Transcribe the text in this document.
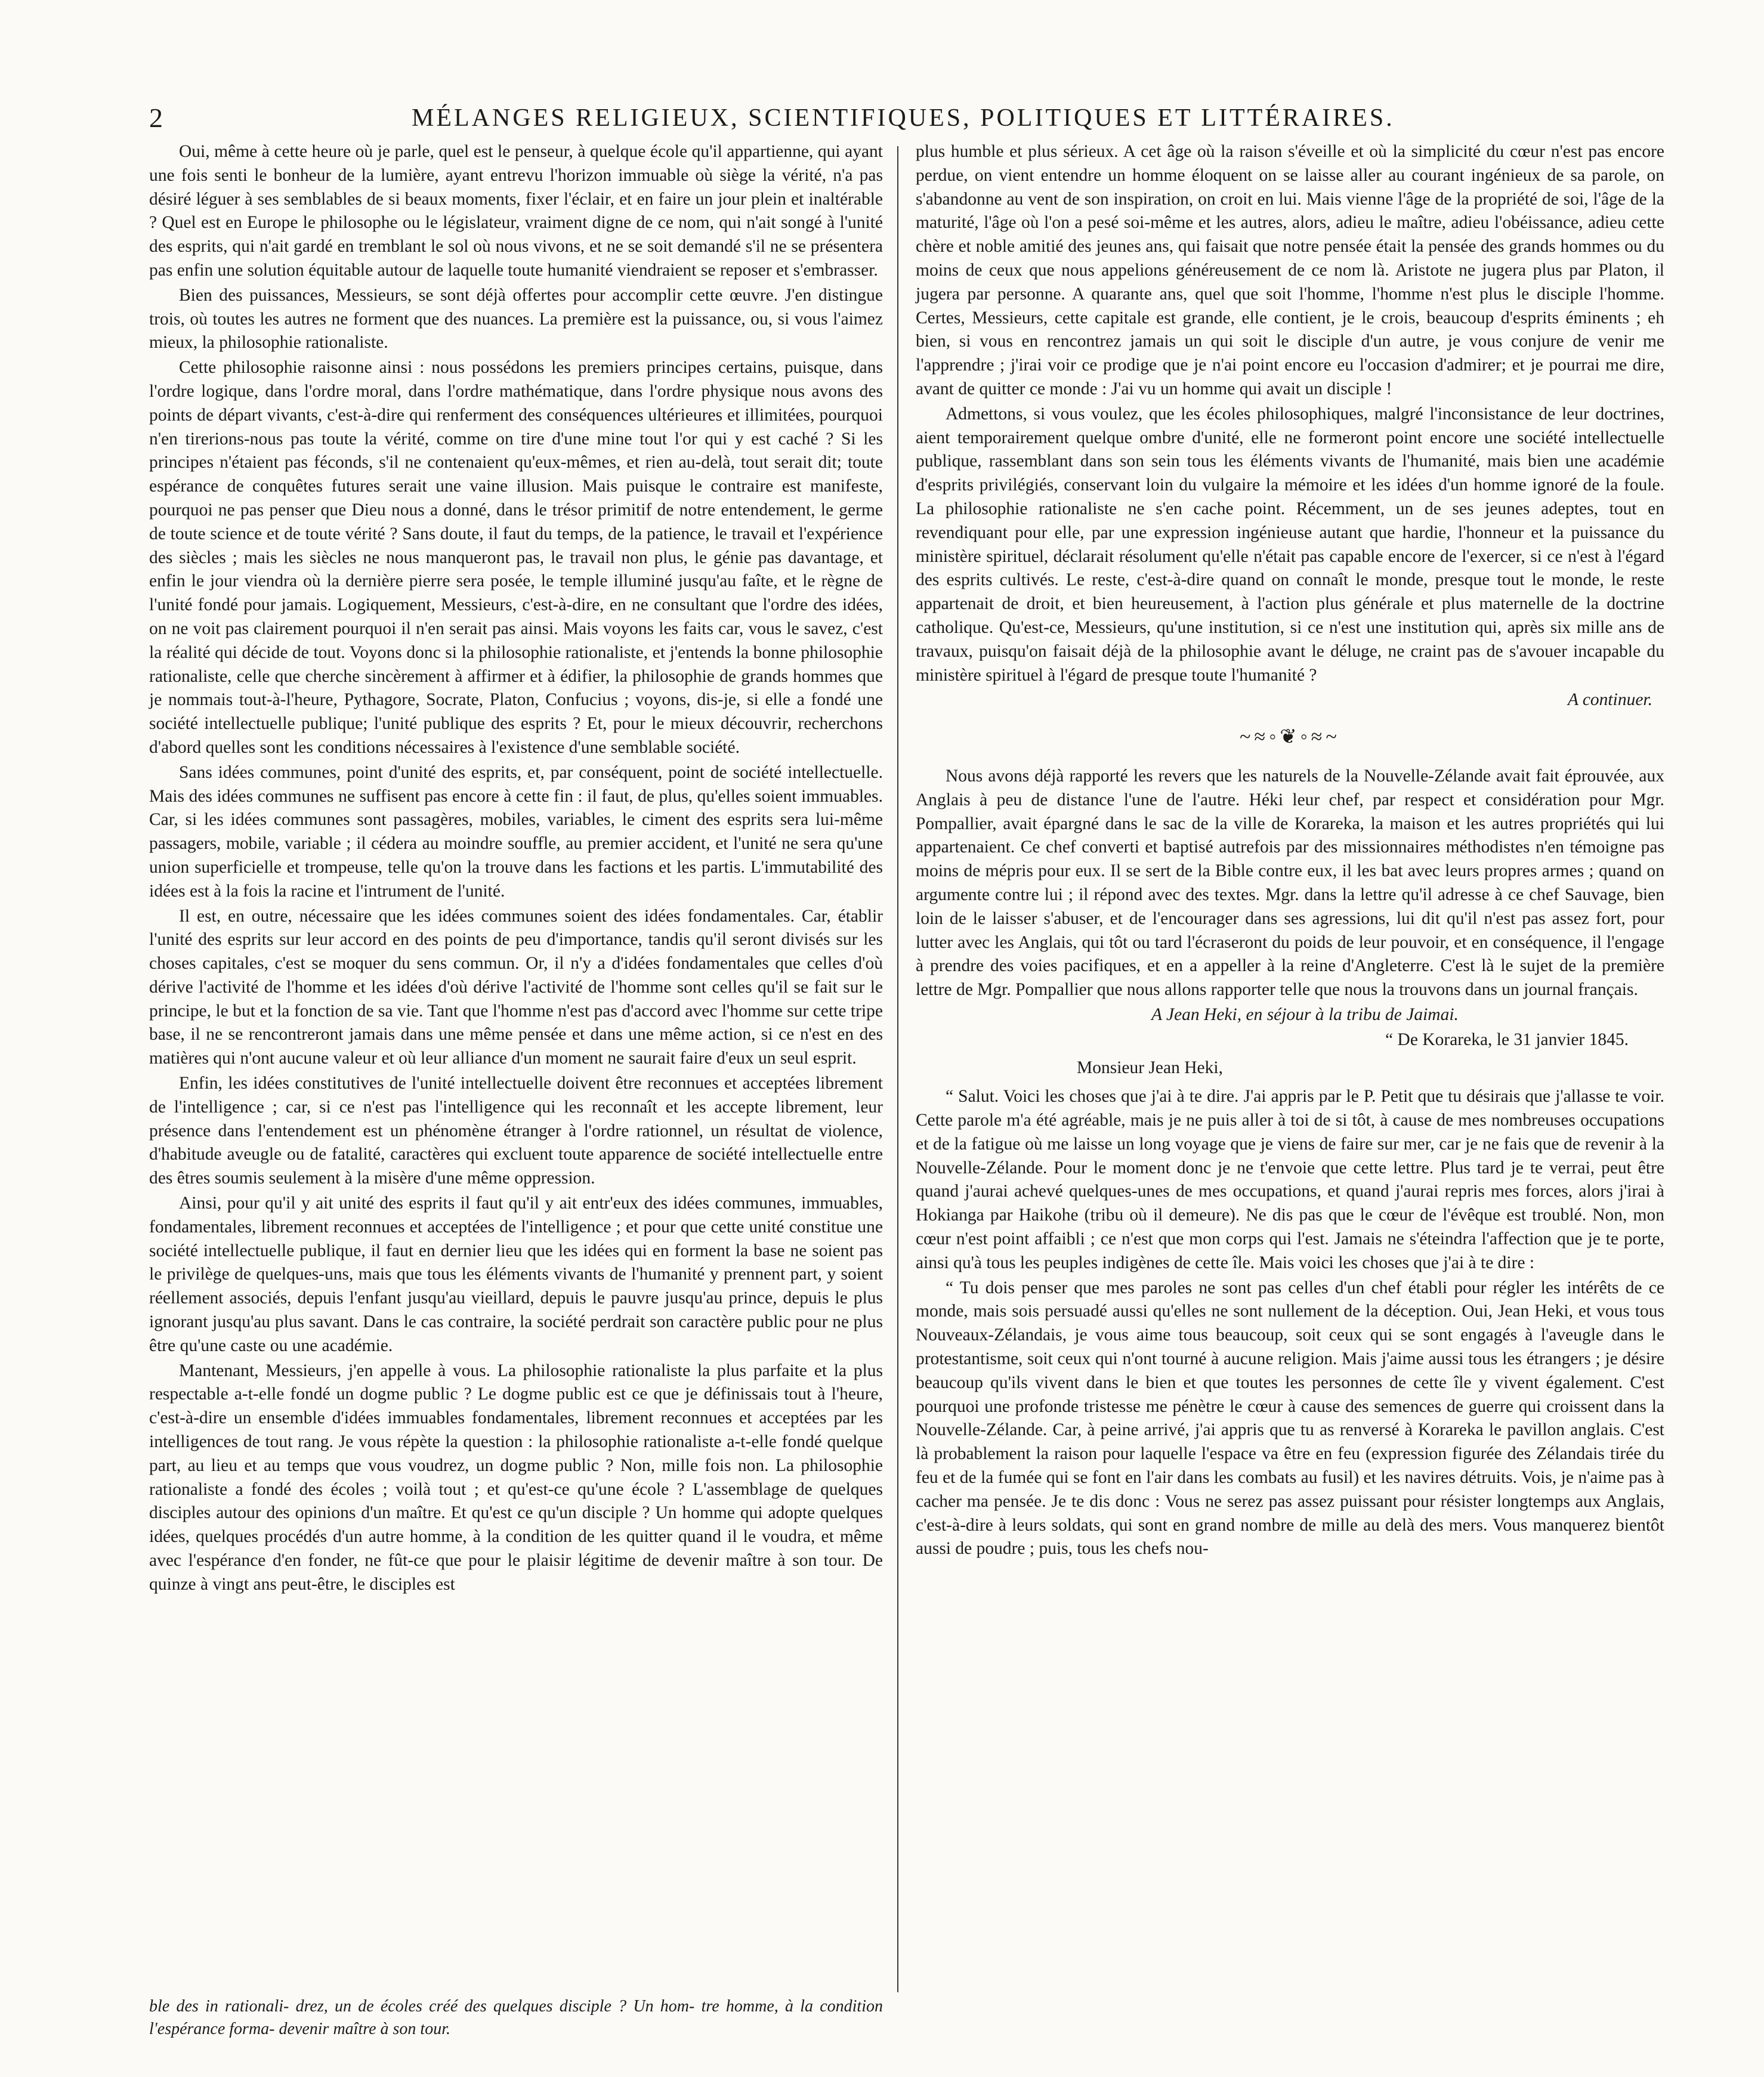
2	MÉLANGES RELIGIEUX, SCIENTIFIQUES, POLITIQUES ET LITTÉRAIRES.

Oui, même à cette heure où je parle, quel est le penseur, à quelque école qu'il appartienne, qui ayant une fois senti le bonheur de la lumière, ayant entrevu l'horizon immuable où siège la vérité, n'a pas désiré léguer à ses semblables de si beaux moments, fixer l'éclair, et en faire un jour plein et inaltérable ? Quel est en Europe le philosophe ou le législateur, vraiment digne de ce nom, qui n'ait songé à l'unité des esprits, qui n'ait gardé en tremblant le sol où nous vivons, et ne se soit demandé s'il ne se présentera pas enfin une solution équitable autour de laquelle toute humanité viendraient se reposer et s'embrasser.

Bien des puissances, Messieurs, se sont déjà offertes pour accomplir cette œuvre. J'en distingue trois, où toutes les autres ne forment que des nuances. La première est la puissance, ou, si vous l'aimez mieux, la philosophie rationaliste.

Cette philosophie raisonne ainsi : nous possédons les premiers principes certains, puisque, dans l'ordre logique, dans l'ordre moral, dans l'ordre mathématique, dans l'ordre physique nous avons des points de départ vivants, c'est-à-dire qui renferment des conséquences ultérieures et illimitées, pourquoi n'en tirerions-nous pas toute la vérité, comme on tire d'une mine tout l'or qui y est caché ? Si les principes n'étaient pas féconds, s'il ne contenaient qu'eux-mêmes, et rien au-delà, tout serait dit; toute espérance de conquêtes futures serait une vaine illusion. Mais puisque le contraire est manifeste, pourquoi ne pas penser que Dieu nous a donné, dans le trésor primitif de notre entendement, le germe de toute science et de toute vérité ? Sans doute, il faut du temps, de la patience, le travail et l'expérience des siècles ; mais les siècles ne nous manqueront pas, le travail non plus, le génie pas davantage, et enfin le jour viendra où la dernière pierre sera posée, le temple illuminé jusqu'au faîte, et le règne de l'unité fondé pour jamais. Logiquement, Messieurs, c'est-à-dire, en ne consultant que l'ordre des idées, on ne voit pas clairement pourquoi il n'en serait pas ainsi. Mais voyons les faits car, vous le savez, c'est la réalité qui décide de tout. Voyons donc si la philosophie rationaliste, et j'entends la bonne philosophie rationaliste, celle que cherche sincèrement à affirmer et à édifier, la philosophie de grands hommes que je nommais tout-à-l'heure, Pythagore, Socrate, Platon, Confucius ; voyons, dis-je, si elle a fondé une société intellectuelle publique; l'unité publique des esprits ? Et, pour le mieux découvrir, recherchons d'abord quelles sont les conditions nécessaires à l'existence d'une semblable société.

Sans idées communes, point d'unité des esprits, et, par conséquent, point de société intellectuelle. Mais des idées communes ne suffisent pas encore à cette fin : il faut, de plus, qu'elles soient immuables. Car, si les idées communes sont passagères, mobiles, variables, le ciment des esprits sera lui-même passagers, mobile, variable ; il cédera au moindre souffle, au premier accident, et l'unité ne sera qu'une union superficielle et trompeuse, telle qu'on la trouve dans les factions et les partis. L'immutabilité des idées est à la fois la racine et l'intrument de l'unité.

Il est, en outre, nécessaire que les idées communes soient des idées fondamentales. Car, établir l'unité des esprits sur leur accord en des points de peu d'importance, tandis qu'il seront divisés sur les choses capitales, c'est se moquer du sens commun. Or, il n'y a d'idées fondamentales que celles d'où dérive l'activité de l'homme et les idées d'où dérive l'activité de l'homme sont celles qu'il se fait sur le principe, le but et la fonction de sa vie. Tant que l'homme n'est pas d'accord avec l'homme sur cette tripe base, il ne se rencontreront jamais dans une même pensée et dans une même action, si ce n'est en des matières qui n'ont aucune valeur et où leur alliance d'un moment ne saurait faire d'eux un seul esprit.

Enfin, les idées constitutives de l'unité intellectuelle doivent être reconnues et acceptées librement de l'intelligence ; car, si ce n'est pas l'intelligence qui les reconnaît et les accepte librement, leur présence dans l'entendement est un phénomène étranger à l'ordre rationnel, un résultat de violence, d'habitude aveugle ou de fatalité, caractères qui excluent toute apparence de société intellectuelle entre des êtres soumis seulement à la misère d'une même oppression.

Ainsi, pour qu'il y ait unité des esprits il faut qu'il y ait entr'eux des idées communes, immuables, fondamentales, librement reconnues et acceptées de l'intelligence ; et pour que cette unité constitue une société intellectuelle publique, il faut en dernier lieu que les idées qui en forment la base ne soient pas le privilège de quelques-uns, mais que tous les éléments vivants de l'humanité y prennent part, y soient réellement associés, depuis l'enfant jusqu'au vieillard, depuis le pauvre jusqu'au prince, depuis le plus ignorant jusqu'au plus savant. Dans le cas contraire, la société perdrait son caractère public pour ne plus être qu'une caste ou une académie.

Mantenant, Messieurs, j'en appelle à vous. La philosophie rationaliste la plus parfaite et la plus respectable a-t-elle fondé un dogme public ? Le dogme public est ce que je définissais tout à l'heure, c'est-à-dire un ensemble d'idées immuables fondamentales, librement reconnues et acceptées par les intelligences de tout rang. Je vous répète la question : la philosophie rationaliste a-t-elle fondé quelque part, au lieu et au temps que vous voudrez, un dogme public ? Non, mille fois non. La philosophie rationaliste a fondé des écoles ; voilà tout ; et qu'est-ce qu'une école ? L'assemblage de quelques disciples autour des opinions d'un maître. Et qu'est ce qu'un disciple ? Un homme qui adopte quelques idées, quelques procédés d'un autre homme, à la condition de les quitter quand il le voudra, et même avec l'espérance d'en fonder, ne fût-ce que pour le plaisir légitime de devenir maître à son tour. De quinze à vingt ans peut-être, le disciples est

plus humble et plus sérieux. A cet âge où la raison s'éveille et où la simplicité du cœur n'est pas encore perdue, on vient entendre un homme éloquent on se laisse aller au courant ingénieux de sa parole, on s'abandonne au vent de son inspiration, on croit en lui. Mais vienne l'âge de la propriété de soi, l'âge de la maturité, l'âge où l'on a pesé soi-même et les autres, alors, adieu le maître, adieu l'obéissance, adieu cette chère et noble amitié des jeunes ans, qui faisait que notre pensée était la pensée des grands hommes ou du moins de ceux que nous appelions généreusement de ce nom là. Aristote ne jugera plus par Platon, il jugera par personne. A quarante ans, quel que soit l'homme, l'homme n'est plus le disciple l'homme. Certes, Messieurs, cette capitale est grande, elle contient, je le crois, beaucoup d'esprits éminents ; eh bien, si vous en rencontrez jamais un qui soit le disciple d'un autre, je vous conjure de venir me l'apprendre ; j'irai voir ce prodige que je n'ai point encore eu l'occasion d'admirer; et je pourrai me dire, avant de quitter ce monde : J'ai vu un homme qui avait un disciple !

Admettons, si vous voulez, que les écoles philosophiques, malgré l'inconsistance de leur doctrines, aient temporairement quelque ombre d'unité, elle ne formeront point encore une société intellectuelle publique, rassemblant dans son sein tous les éléments vivants de l'humanité, mais bien une académie d'esprits privilégiés, conservant loin du vulgaire la mémoire et les idées d'un homme ignoré de la foule. La philosophie rationaliste ne s'en cache point. Récemment, un de ses jeunes adeptes, tout en revendiquant pour elle, par une expression ingénieuse autant que hardie, l'honneur et la puissance du ministère spirituel, déclarait résolument qu'elle n'était pas capable encore de l'exercer, si ce n'est à l'égard des esprits cultivés. Le reste, c'est-à-dire quand on connaît le monde, presque tout le monde, le reste appartenait de droit, et bien heureusement, à l'action plus générale et plus maternelle de la doctrine catholique. Qu'est-ce, Messieurs, qu'une institution, si ce n'est une institution qui, après six mille ans de travaux, puisqu'on faisait déjà de la philosophie avant le déluge, ne craint pas de s'avouer incapable du ministère spirituel à l'égard de presque toute l'humanité ?

A continuer.

~≈◦❦◦≈~

Nous avons déjà rapporté les revers que les naturels de la Nouvelle-Zélande avait fait éprouvée, aux Anglais à peu de distance l'une de l'autre. Héki leur chef, par respect et considération pour Mgr. Pompallier, avait épargné dans le sac de la ville de Korareka, la maison et les autres propriétés qui lui appartenaient. Ce chef converti et baptisé autrefois par des missionnaires méthodistes n'en témoigne pas moins de mépris pour eux. Il se sert de la Bible contre eux, il les bat avec leurs propres armes ; quand on argumente contre lui ; il répond avec des textes. Mgr. dans la lettre qu'il adresse à ce chef Sauvage, bien loin de le laisser s'abuser, et de l'encourager dans ses agressions, lui dit qu'il n'est pas assez fort, pour lutter avec les Anglais, qui tôt ou tard l'écraseront du poids de leur pouvoir, et en conséquence, il l'engage à prendre des voies pacifiques, et en a appeller à la reine d'Angleterre. C'est là le sujet de la première lettre de Mgr. Pompallier que nous allons rapporter telle que nous la trouvons dans un journal français.

A Jean Heki, en séjour à la tribu de Jaimai.

“ De Korareka, le 31 janvier 1845.

Monsieur Jean Heki,

“ Salut. Voici les choses que j'ai à te dire. J'ai appris par le P. Petit que tu désirais que j'allasse te voir. Cette parole m'a été agréable, mais je ne puis aller à toi de si tôt, à cause de mes nombreuses occupations et de la fatigue où me laisse un long voyage que je viens de faire sur mer, car je ne fais que de revenir à la Nouvelle-Zélande. Pour le moment donc je ne t'envoie que cette lettre. Plus tard je te verrai, peut être quand j'aurai achevé quelques-unes de mes occupations, et quand j'aurai repris mes forces, alors j'irai à Hokianga par Haikohe (tribu où il demeure). Ne dis pas que le cœur de l'évêque est troublé. Non, mon cœur n'est point affaibli ; ce n'est que mon corps qui l'est. Jamais ne s'éteindra l'affection que je te porte, ainsi qu'à tous les peuples indigènes de cette île. Mais voici les choses que j'ai à te dire :

“ Tu dois penser que mes paroles ne sont pas celles d'un chef établi pour régler les intérêts de ce monde, mais sois persuadé aussi qu'elles ne sont nullement de la déception. Oui, Jean Heki, et vous tous Nouveaux-Zélandais, je vous aime tous beaucoup, soit ceux qui se sont engagés à l'aveugle dans le protestantisme, soit ceux qui n'ont tourné à aucune religion. Mais j'aime aussi tous les étrangers ; je désire beaucoup qu'ils vivent dans le bien et que toutes les personnes de cette île y vivent également. C'est pourquoi une profonde tristesse me pénètre le cœur à cause des semences de guerre qui croissent dans la Nouvelle-Zélande. Car, à peine arrivé, j'ai appris que tu as renversé à Korareka le pavillon anglais. C'est là probablement la raison pour laquelle l'espace va être en feu (expression figurée des Zélandais tirée du feu et de la fumée qui se font en l'air dans les combats au fusil) et les navires détruits. Vois, je n'aime pas à cacher ma pensée. Je te dis donc : Vous ne serez pas assez puissant pour résister longtemps aux Anglais, c'est-à-dire à leurs soldats, qui sont en grand nombre de mille au delà des mers. Vous manquerez bientôt aussi de poudre ; puis, tous les chefs nou-

ble des in rationali- drez, un de écoles créé des quelques disciple ? Un hom- tre homme, à la condition l'espérance forma- devenir maître à son tour.
